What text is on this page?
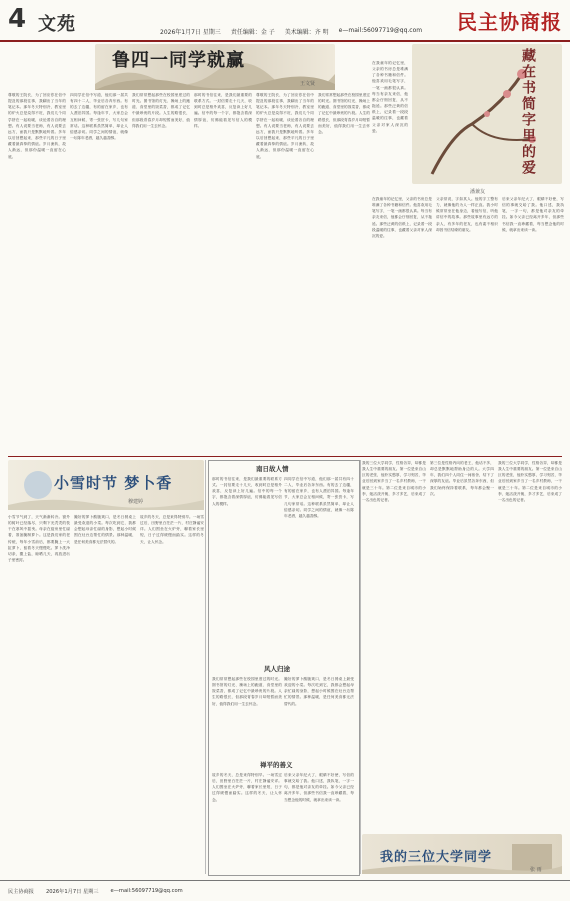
4 文苑	民主协商报
2026年1月7日 星期三 责任编辑：金 子 美术编辑：齐 明 e—mail:56097719@qq.com
鲁四一同学就赢
王文贤
尊敬的王院长，为了回应你在信中提及的那段往事，我翻出了当年的笔记本。那年冬天特别冷，教室里的炉火总是烧得不旺，我们几个同学挤在一起取暖，谈论着各自的理想。有人说要当老师，有人说要去远方，而我只是默默地听着。多年以后回想起来，那些平凡的日子里藏着最真挚的情谊。岁月流转，故人渐远，但那份温暖一直留在心底。
四同学在信中写道，他们那一届共有四十二人，毕业后各奔东西。有的去了边疆，有的留在家乡，也有人漂泊异国。每逢年节，大家总会互相问候，寄一张贺卡，写几句家常话。这种联系虽然简单，却让人倍感亲切。同学之间的情谊，就像一坛陈年老酒，越久越香醇。
我们常常想起那些在校园里度过的时光。图书馆的灯光、操场上的跑道、食堂里的饭菜香，都成了记忆中最珍贵的片段。人生的路很长，但那段青春岁月却短暂而美好，值得我们用一生去怀念。
那时的书信往来，是我们最重要的联系方式。一封信要走十几天，收到时总是格外欢喜，反复读上好几遍。信中的每一个字，都饱含着深情厚谊，仿佛能看见写信人的模样。
尊敬的王院长，为了回应你在信中提及的那段往事，我翻出了当年的笔记本。那年冬天特别冷，教室里的炉火总是烧得不旺，我们几个同学挤在一起取暖，谈论着各自的理想。有人说要当老师，有人说要去远方，而我只是默默地听着。多年以后回想起来，那些平凡的日子里藏着最真挚的情谊。岁月流转，故人渐远，但那份温暖一直留在心底。
我们常常想起那些在校园里度过的时光。图书馆的灯光、操场上的跑道、食堂里的饭菜香，都成了记忆中最珍贵的片段。人生的路很长，但那段青春岁月却短暂而美好，值得我们用一生去怀念。	藏在书简字里的爱
潘兼友
在我童年的记忆里，父亲的书房总是堆满了各种书籍和信件。他喜欢用毛笔写字，一笔一画都很认真。每当有亲友来信，他都会仔细回复，从不拖延。那些泛黄的信纸上，记录着一段段温暖的往事，也藏着父亲对家人深沉的爱。
在我童年的记忆里，父亲的书房总是堆满了各种书籍和信件。他喜欢用毛笔写字，一笔一画都很认真。每当有亲友来信，他都会仔细回复，从不拖延。那些泛黄的信纸上，记录着一段段温暖的往事，也藏着父亲对家人深沉的爱。
父亲常说，字如其人。他的字工整有力，就像他的为人一样正直。我小时候常常坐在他身边，看他写信，听他讲信中的故事。那些故事里有远方的亲人，有多年的老友，也有素不相识却因书信结缘的朋友。
后来父亲年纪大了，眼睛不好使，写信的事就交给了我。他口述，我执笔，一字一句，都是他对亲友的牵挂。如今父亲已经离开多年，但那些书信我一直珍藏着，每当想念他的时候，就拿出来读一读。
小雪时节 梦卜香
穆建婷
小雪节气到了，天气渐渐转冷。窗外的树叶已经落尽，只剩下光秃秃的枝干在寒风中摇曳。母亲在厨房里忙碌着，准备腌制萝卜。这是我们家的老传统，每年小雪前后，都要腌上一大缸萝卜，留着冬天慢慢吃。萝卜洗净切条，撒上盐，晾晒几天，再放进坛子里密封。
腌好的萝卜酸脆爽口，是冬日餐桌上最受欢迎的小菜。每次吃到它，我都会想起母亲忙碌的身影，想起小时候围在灶台边帮忙的情景。那种温暖，是任何美食都无法替代的。
故乡的冬天，总是来得特别早。一场雪过后，田野里白茫茫一片，村庄静谧安详。人们围坐在火炉旁，聊着家长里短，日子过得缓慢而踏实。这样的冬天，让人怀念。
南日故人情
那时的书信往来，是我们最重要的联系方式。一封信要走十几天，收到时总是格外欢喜，反复读上好几遍。信中的每一个字，都饱含着深情厚谊，仿佛能看见写信人的模样。
四同学在信中写道，他们那一届共有四十二人，毕业后各奔东西。有的去了边疆，有的留在家乡，也有人漂泊异国。每逢年节，大家总会互相问候，寄一张贺卡，写几句家常话。这种联系虽然简单，却让人倍感亲切。同学之间的情谊，就像一坛陈年老酒，越久越香醇。
风人归途
我们常常想起那些在校园里度过的时光。图书馆的灯光、操场上的跑道、食堂里的饭菜香，都成了记忆中最珍贵的片段。人生的路很长，但那段青春岁月却短暂而美好，值得我们用一生去怀念。
腌好的萝卜酸脆爽口，是冬日餐桌上最受欢迎的小菜。每次吃到它，我都会想起母亲忙碌的身影，想起小时候围在灶台边帮忙的情景。那种温暖，是任何美食都无法替代的。
禅平的善义
故乡的冬天，总是来得特别早。一场雪过后，田野里白茫茫一片，村庄静谧安详。人们围坐在火炉旁，聊着家长里短，日子过得缓慢而踏实。这样的冬天，让人怀念。
后来父亲年纪大了，眼睛不好使，写信的事就交给了我。他口述，我执笔，一字一句，都是他对亲友的牵挂。如今父亲已经离开多年，但那些书信我一直珍藏着，每当想念他的时候，就拿出来读一读。
我的三位大学同学，性格各异，却都是我人生中重要的朋友。第一位是来自山区的老张，他朴实憨厚，学习刻苦，毕业后回到家乡当了一名乡村教师，一干就是三十年。第二位是来自城市的小李，她活泼开朗，多才多艺，后来成了一名出色的记者。
第三位是性格内向的老王，他话不多，却总是默默地帮助身边的人。大学四年，我们四个人同住一间宿舍，结下了深厚的友谊。毕业后虽然各奔东西，但我们始终保持着联系，每年都会聚一次。
我的三位大学同学，性格各异，却都是我人生中重要的朋友。第一位是来自山区的老张，他朴实憨厚，学习刻苦，毕业后回到家乡当了一名乡村教师，一干就是三十年。第二位是来自城市的小李，她活泼开朗，多才多艺，后来成了一名出色的记者。
我的三位大学同学
张 雨
民主协商报 2026年1月7日 星期三 e—mail:56097719@qq.com
